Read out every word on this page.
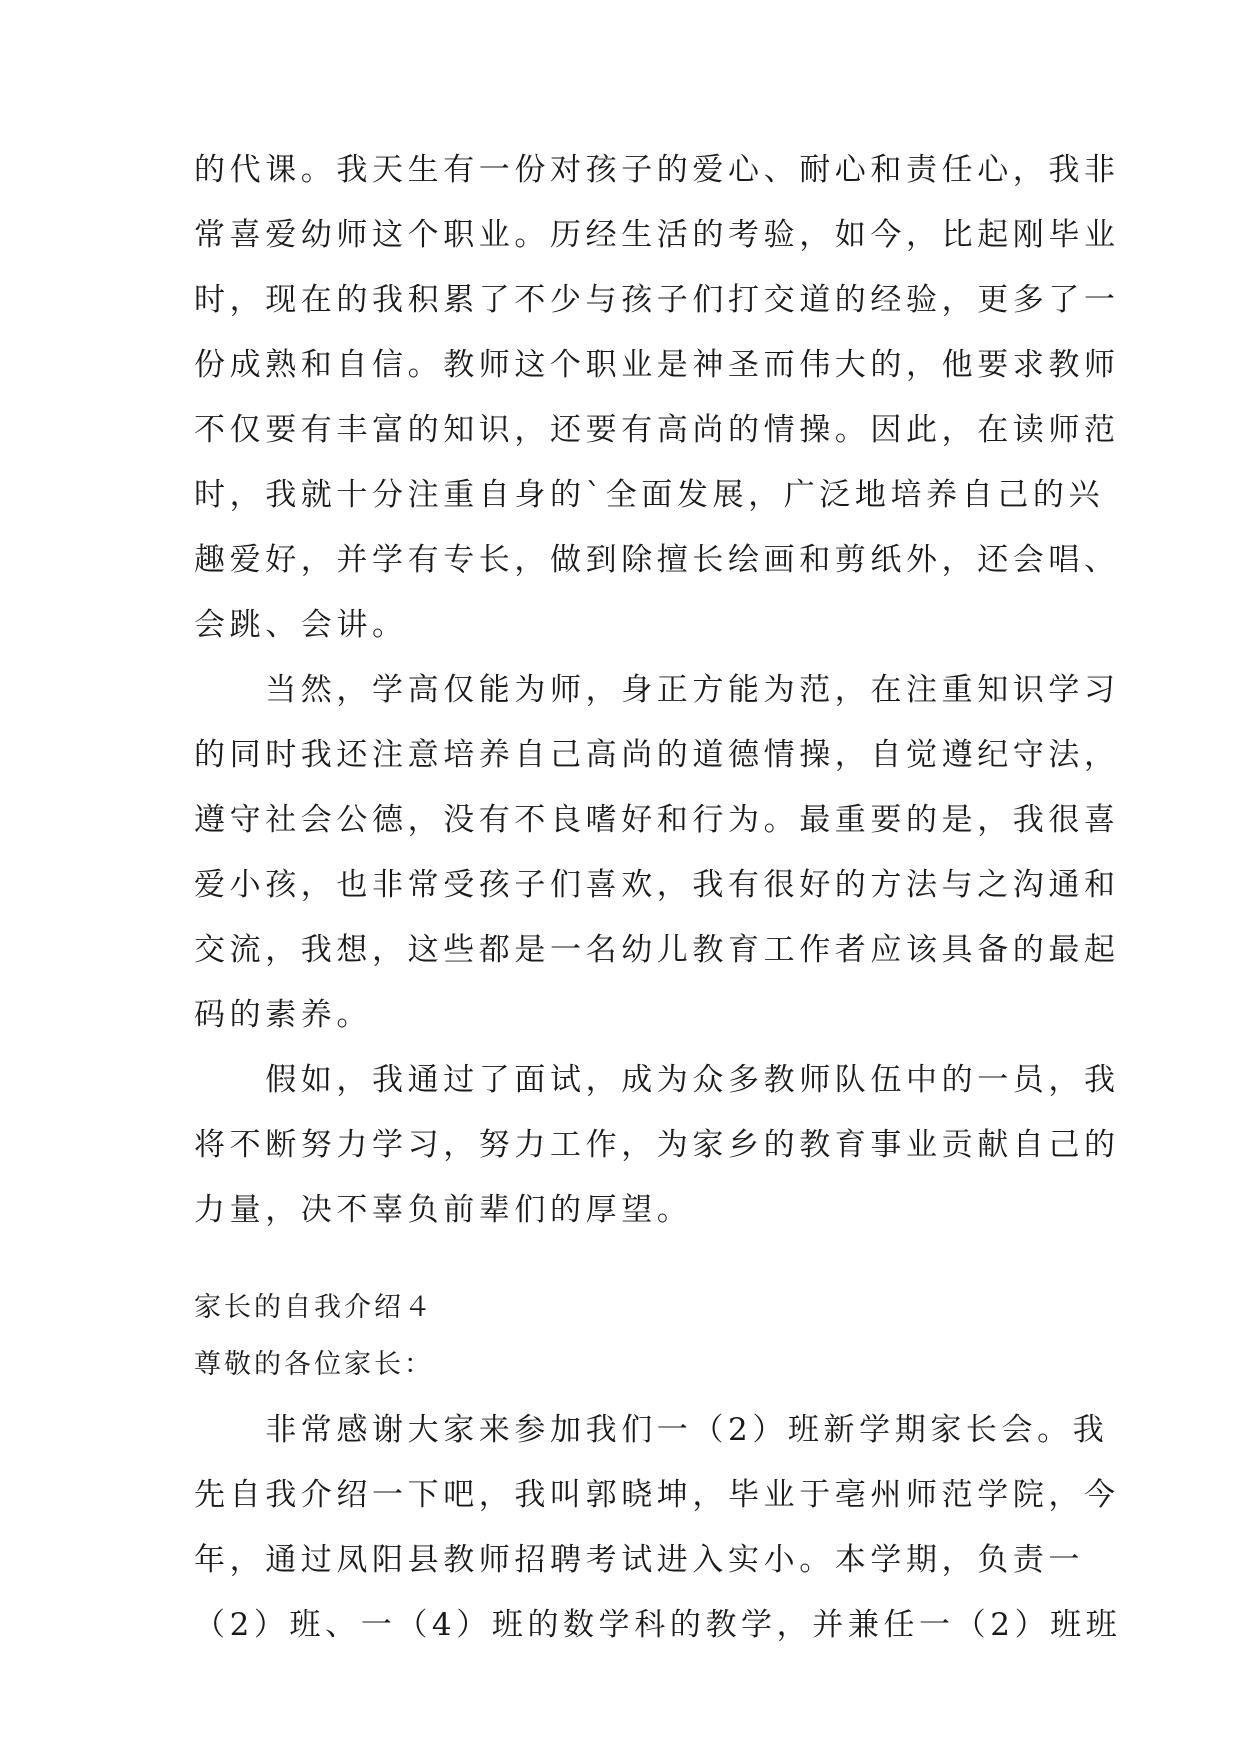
的代课。我天生有一份对孩子的爱心、耐心和责任心，我非
常喜爱幼师这个职业。历经生活的考验，如今，比起刚毕业
时，现在的我积累了不少与孩子们打交道的经验，更多了一
份成熟和自信。教师这个职业是神圣而伟大的，他要求教师
不仅要有丰富的知识，还要有高尚的情操。因此，在读师范
时，我就十分注重自身的`全面发展，广泛地培养自己的兴
趣爱好，并学有专长，做到除擅长绘画和剪纸外，还会唱、
会跳、会讲。
　　当然，学高仅能为师，身正方能为范，在注重知识学习
的同时我还注意培养自己高尚的道德情操，自觉遵纪守法，
遵守社会公德，没有不良嗜好和行为。最重要的是，我很喜
爱小孩，也非常受孩子们喜欢，我有很好的方法与之沟通和
交流，我想，这些都是一名幼儿教育工作者应该具备的最起
码的素养。
　　假如，我通过了面试，成为众多教师队伍中的一员，我
将不断努力学习，努力工作，为家乡的教育事业贡献自己的
力量，决不辜负前辈们的厚望。
家长的自我介绍４
尊敬的各位家长：
　　非常感谢大家来参加我们一（2）班新学期家长会。我
先自我介绍一下吧，我叫郭晓坤，毕业于亳州师范学院，今
年，通过凤阳县教师招聘考试进入实小。本学期，负责一
（2）班、一（4）班的数学科的教学，并兼任一（2）班班
